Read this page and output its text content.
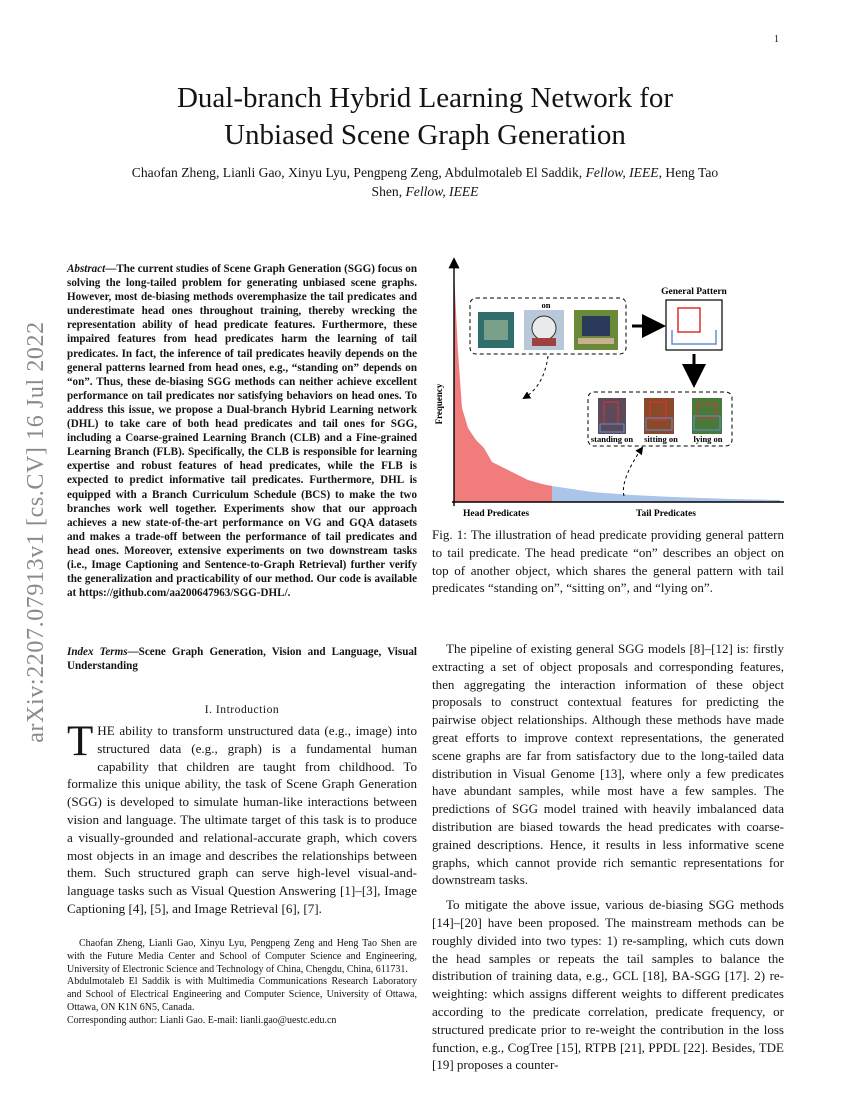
1
arXiv:2207.07913v1 [cs.CV] 16 Jul 2022
Dual-branch Hybrid Learning Network for
Unbiased Scene Graph Generation
Chaofan Zheng, Lianli Gao, Xinyu Lyu, Pengpeng Zeng, Abdulmotaleb El Saddik, Fellow, IEEE, Heng Tao
Shen, Fellow, IEEE
Abstract—The current studies of Scene Graph Generation (SGG) focus on solving the long-tailed problem for generating unbiased scene graphs. However, most de-biasing methods overemphasize the tail predicates and underestimate head ones throughout training, thereby wrecking the representation ability of head predicate features. Furthermore, these impaired features from head predicates harm the learning of tail predicates. In fact, the inference of tail predicates heavily depends on the general patterns learned from head ones, e.g., “standing on” depends on “on”. Thus, these de-biasing SGG methods can neither achieve excellent performance on tail predicates nor satisfying behaviors on head ones. To address this issue, we propose a Dual-branch Hybrid Learning network (DHL) to take care of both head predicates and tail ones for SGG, including a Coarse-grained Learning Branch (CLB) and a Fine-grained Learning Branch (FLB). Specifically, the CLB is responsible for learning expertise and robust features of head predicates, while the FLB is expected to predict informative tail predicates. Furthermore, DHL is equipped with a Branch Curriculum Schedule (BCS) to make the two branches work well together. Experiments show that our approach achieves a new state-of-the-art performance on VG and GQA datasets and makes a trade-off between the performance of tail predicates and head ones. Moreover, extensive experiments on two downstream tasks (i.e., Image Captioning and Sentence-to-Graph Retrieval) further verify the generalization and practicability of our method. Our code is available at https://github.com/aa200647963/SGG-DHL/.
Index Terms—Scene Graph Generation, Vision and Language, Visual Understanding
I. Introduction
THE ability to transform unstructured data (e.g., image) into structured data (e.g., graph) is a fundamental human capability that children are taught from childhood. To formalize this unique ability, the task of Scene Graph Generation (SGG) is developed to simulate human-like interactions between vision and language. The ultimate target of this task is to produce a visually-grounded and relational-accurate graph, which covers most objects in an image and describes the relationships between them. Such structured graph can serve high-level visual-and-language tasks such as Visual Question Answering [1]–[3], Image Captioning [4], [5], and Image Retrieval [6], [7].

Chaofan Zheng, Lianli Gao, Xinyu Lyu, Pengpeng Zeng and Heng Tao Shen are with the Future Media Center and School of Computer Science and Engineering, University of Electronic Science and Technology of China, Chengdu, China, 611731.

Abdulmotaleb El Saddik is with Multimedia Communications Research Laboratory and School of Electrical Engineering and Computer Science, University of Ottawa, Ottawa, ON K1N 6N5, Canada.

Corresponding author: Lianli Gao. E-mail: lianli.gao@uestc.edu.cn

Frequency
Head Predicates	Tail Predicates
on
General Pattern
standing on sitting on lying on
Fig. 1: The illustration of head predicate providing general pattern to tail predicate. The head predicate “on” describes an object on top of another object, which shares the general pattern with tail predicates “standing on”, “sitting on”, and “lying on”.

The pipeline of existing general SGG models [8]–[12] is: firstly extracting a set of object proposals and corresponding features, then aggregating the interaction information of these object proposals to construct contextual features for predicting the pairwise object relationships. Although these methods have made great efforts to improve context representations, the generated scene graphs are far from satisfactory due to the long-tailed data distribution in Visual Genome [13], where only a few predicates have abundant samples, while most have a few samples. The predictions of SGG model trained with heavily imbalanced data distribution are biased towards the head predicates with coarse-grained descriptions. Hence, it results in less informative scene graphs, which cannot provide rich semantic representations for downstream tasks.

To mitigate the above issue, various de-biasing SGG methods [14]–[20] have been proposed. The mainstream methods can be roughly divided into two types: 1) re-sampling, which cuts down the head samples or repeats the tail samples to balance the distribution of training data, e.g., GCL [18], BA-SGG [17]. 2) re-weighting: which assigns different weights to different predicates according to the predicate correlation, predicate frequency, or structured predicate prior to re-weight the contribution in the loss function, e.g., CogTree [15], RTPB [21], PPDL [22]. Besides, TDE [19] proposes a counter-
